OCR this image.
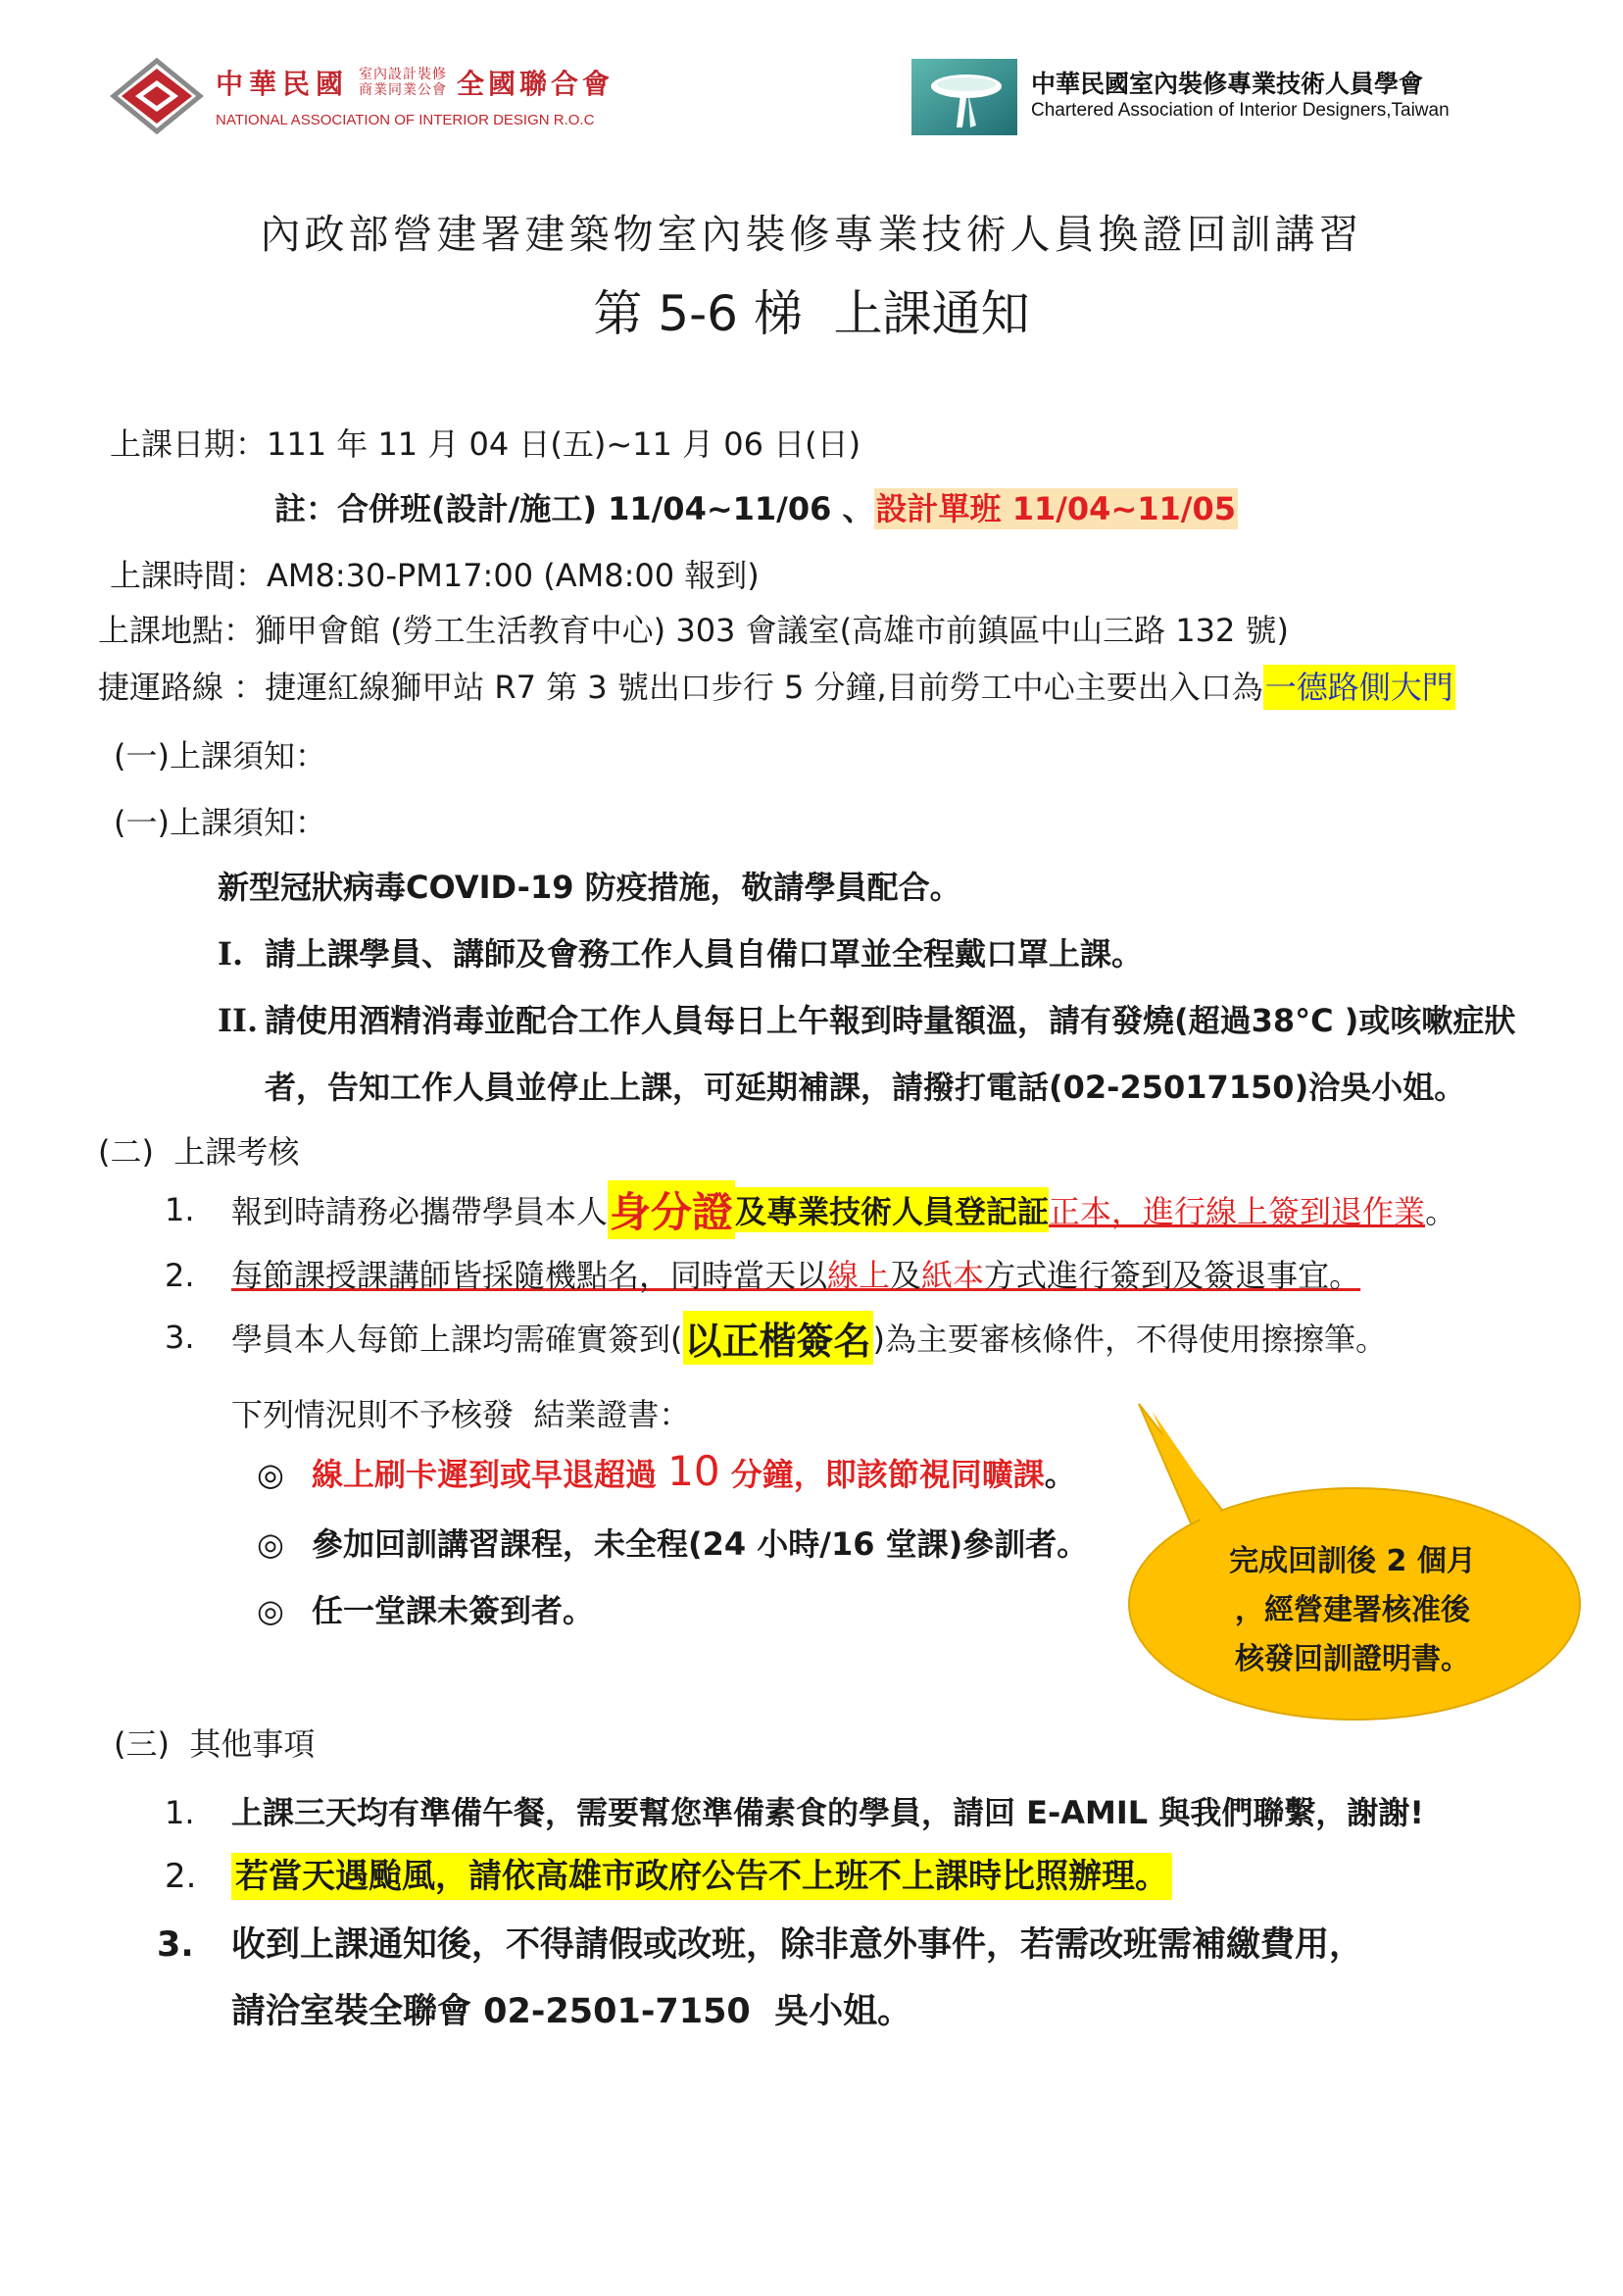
中華民國 室內設計裝修
商業同業公會 全國聯合會
NATIONAL ASSOCIATION OF INTERIOR DESIGN R.O.C
中華民國室內裝修專業技術人員學會
Chartered Association of Interior Designers,Taiwan
內政部營建署建築物室內裝修專業技術人員換證回訓講習
第 5-6 梯  上課通知
上課日期：111 年 11 月 04 日(五)~11 月 06 日(日)
註：合併班(設計/施工) 11/04~11/06 、設計單班 11/04~11/05
上課時間：AM8:30-PM17:00 (AM8:00 報到)
上課地點：獅甲會館 (勞工生活教育中心) 303 會議室(高雄市前鎮區中山三路 132 號)
捷運路線 ：捷運紅線獅甲站 R7 第 3 號出口步行 5 分鐘,目前勞工中心主要出入口為一德路側大門
(一)上課須知：
(一)上課須知：
新型冠狀病毒COVID-19 防疫措施，敬請學員配合。
I. 請上課學員、講師及會務工作人員自備口罩並全程戴口罩上課。
II. 請使用酒精消毒並配合工作人員每日上午報到時量額溫，請有發燒(超過38°C )或咳嗽症狀
者，告知工作人員並停止上課，可延期補課，請撥打電話(02-25017150)洽吳小姐。
(二)  上課考核
1.	報到時請務必攜帶學員本人 身分證 及專業技術人員登記証 正本，進行線上簽到退作業 。
2. 每節課授課講師皆採隨機點名，同時當天以線上及紙本方式進行簽到及簽退事宜。
3.	學員本人每節上課均需確實簽到( 以正楷簽名 )為主要審核條件，不得使用擦擦筆。
下列情況則不予核發  結業證書：
◎ 線上刷卡遲到或早退超過 10 分鐘，即該節視同曠課 。
◎ 參加回訓講習課程，未全程(24 小時/16 堂課)參訓者。
◎ 任一堂課未簽到者。
完成回訓後 2 個月
，經營建署核准後
核發回訓證明書。
(三)  其他事項
1. 上課三天均有準備午餐，需要幫您準備素食的學員，請回 E-AMIL 與我們聯繫，謝謝!
2. 若當天遇颱風，請依高雄市政府公告不上班不上課時比照辦理。
3. 收到上課通知後，不得請假或改班，除非意外事件，若需改班需補繳費用，
請洽室裝全聯會 02-2501-7150  吳小姐。
